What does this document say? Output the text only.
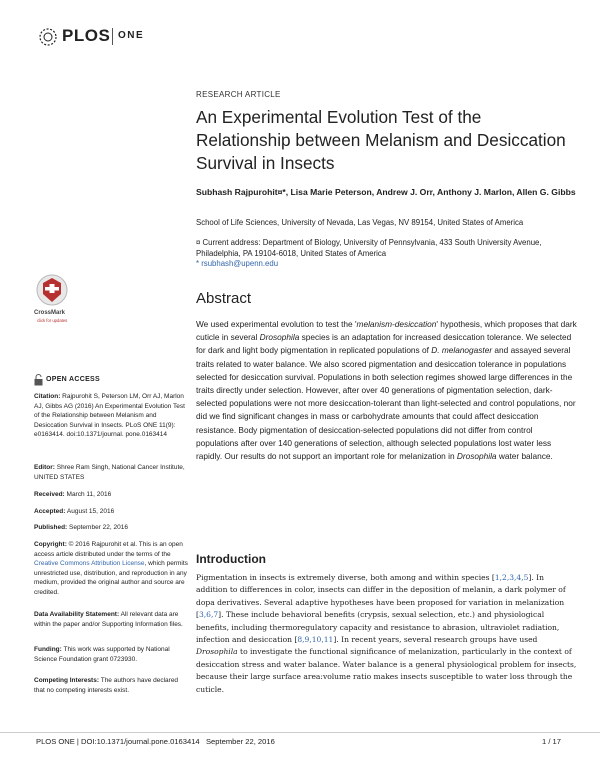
PLOS ONE
RESEARCH ARTICLE
An Experimental Evolution Test of the Relationship between Melanism and Desiccation Survival in Insects
Subhash Rajpurohit¤*, Lisa Marie Peterson, Andrew J. Orr, Anthony J. Marlon, Allen G. Gibbs
School of Life Sciences, University of Nevada, Las Vegas, NV 89154, United States of America
¤ Current address: Department of Biology, University of Pennsylvania, 433 South University Avenue, Philadelphia, PA 19104-6018, United States of America
* rsubhash@upenn.edu
CrossMark
click for updates
OPEN ACCESS
Citation: Rajpurohit S, Peterson LM, Orr AJ, Marlon AJ, Gibbs AG (2016) An Experimental Evolution Test of the Relationship between Melanism and Desiccation Survival in Insects. PLoS ONE 11(9): e0163414. doi:10.1371/journal. pone.0163414
Editor: Shree Ram Singh, National Cancer Institute, UNITED STATES
Received: March 11, 2016
Accepted: August 15, 2016
Published: September 22, 2016
Copyright: © 2016 Rajpurohit et al. This is an open access article distributed under the terms of the Creative Commons Attribution License, which permits unrestricted use, distribution, and reproduction in any medium, provided the original author and source are credited.
Data Availability Statement: All relevant data are within the paper and/or Supporting Information files.
Funding: This work was supported by National Science Foundation grant 0723930.
Competing Interests: The authors have declared that no competing interests exist.
Abstract
We used experimental evolution to test the 'melanism-desiccation' hypothesis, which proposes that dark cuticle in several Drosophila species is an adaptation for increased desiccation tolerance. We selected for dark and light body pigmentation in replicated populations of D. melanogaster and assayed several traits related to water balance. We also scored pigmentation and desiccation tolerance in populations selected for desiccation survival. Populations in both selection regimes showed large differences in the traits directly under selection. However, after over 40 generations of pigmentation selection, dark-selected populations were not more desiccation-tolerant than light-selected and control populations, nor did we find significant changes in mass or carbohydrate amounts that could affect desiccation resistance. Body pigmentation of desiccation-selected populations did not differ from control populations after over 140 generations of selection, although selected populations lost water less rapidly. Our results do not support an important role for melanization in Drosophila water balance.
Introduction
Pigmentation in insects is extremely diverse, both among and within species [1,2,3,4,5]. In addition to differences in color, insects can differ in the deposition of melanin, a dark polymer of dopa derivatives. Several adaptive hypotheses have been proposed for variation in melanization [3,6,7]. These include behavioral benefits (crypsis, sexual selection, etc.) and physiological benefits, including thermoregulatory capacity and resistance to abrasion, ultraviolet radiation, infection and desiccation [8,9,10,11]. In recent years, several research groups have used Drosophila to investigate the functional significance of melanization, particularly in the context of desiccation stress and water balance. Water balance is a general physiological problem for insects, because their large surface area:volume ratio makes insects susceptible to water loss through the cuticle.
PLOS ONE | DOI:10.1371/journal.pone.0163414   September 22, 2016	1 / 17
